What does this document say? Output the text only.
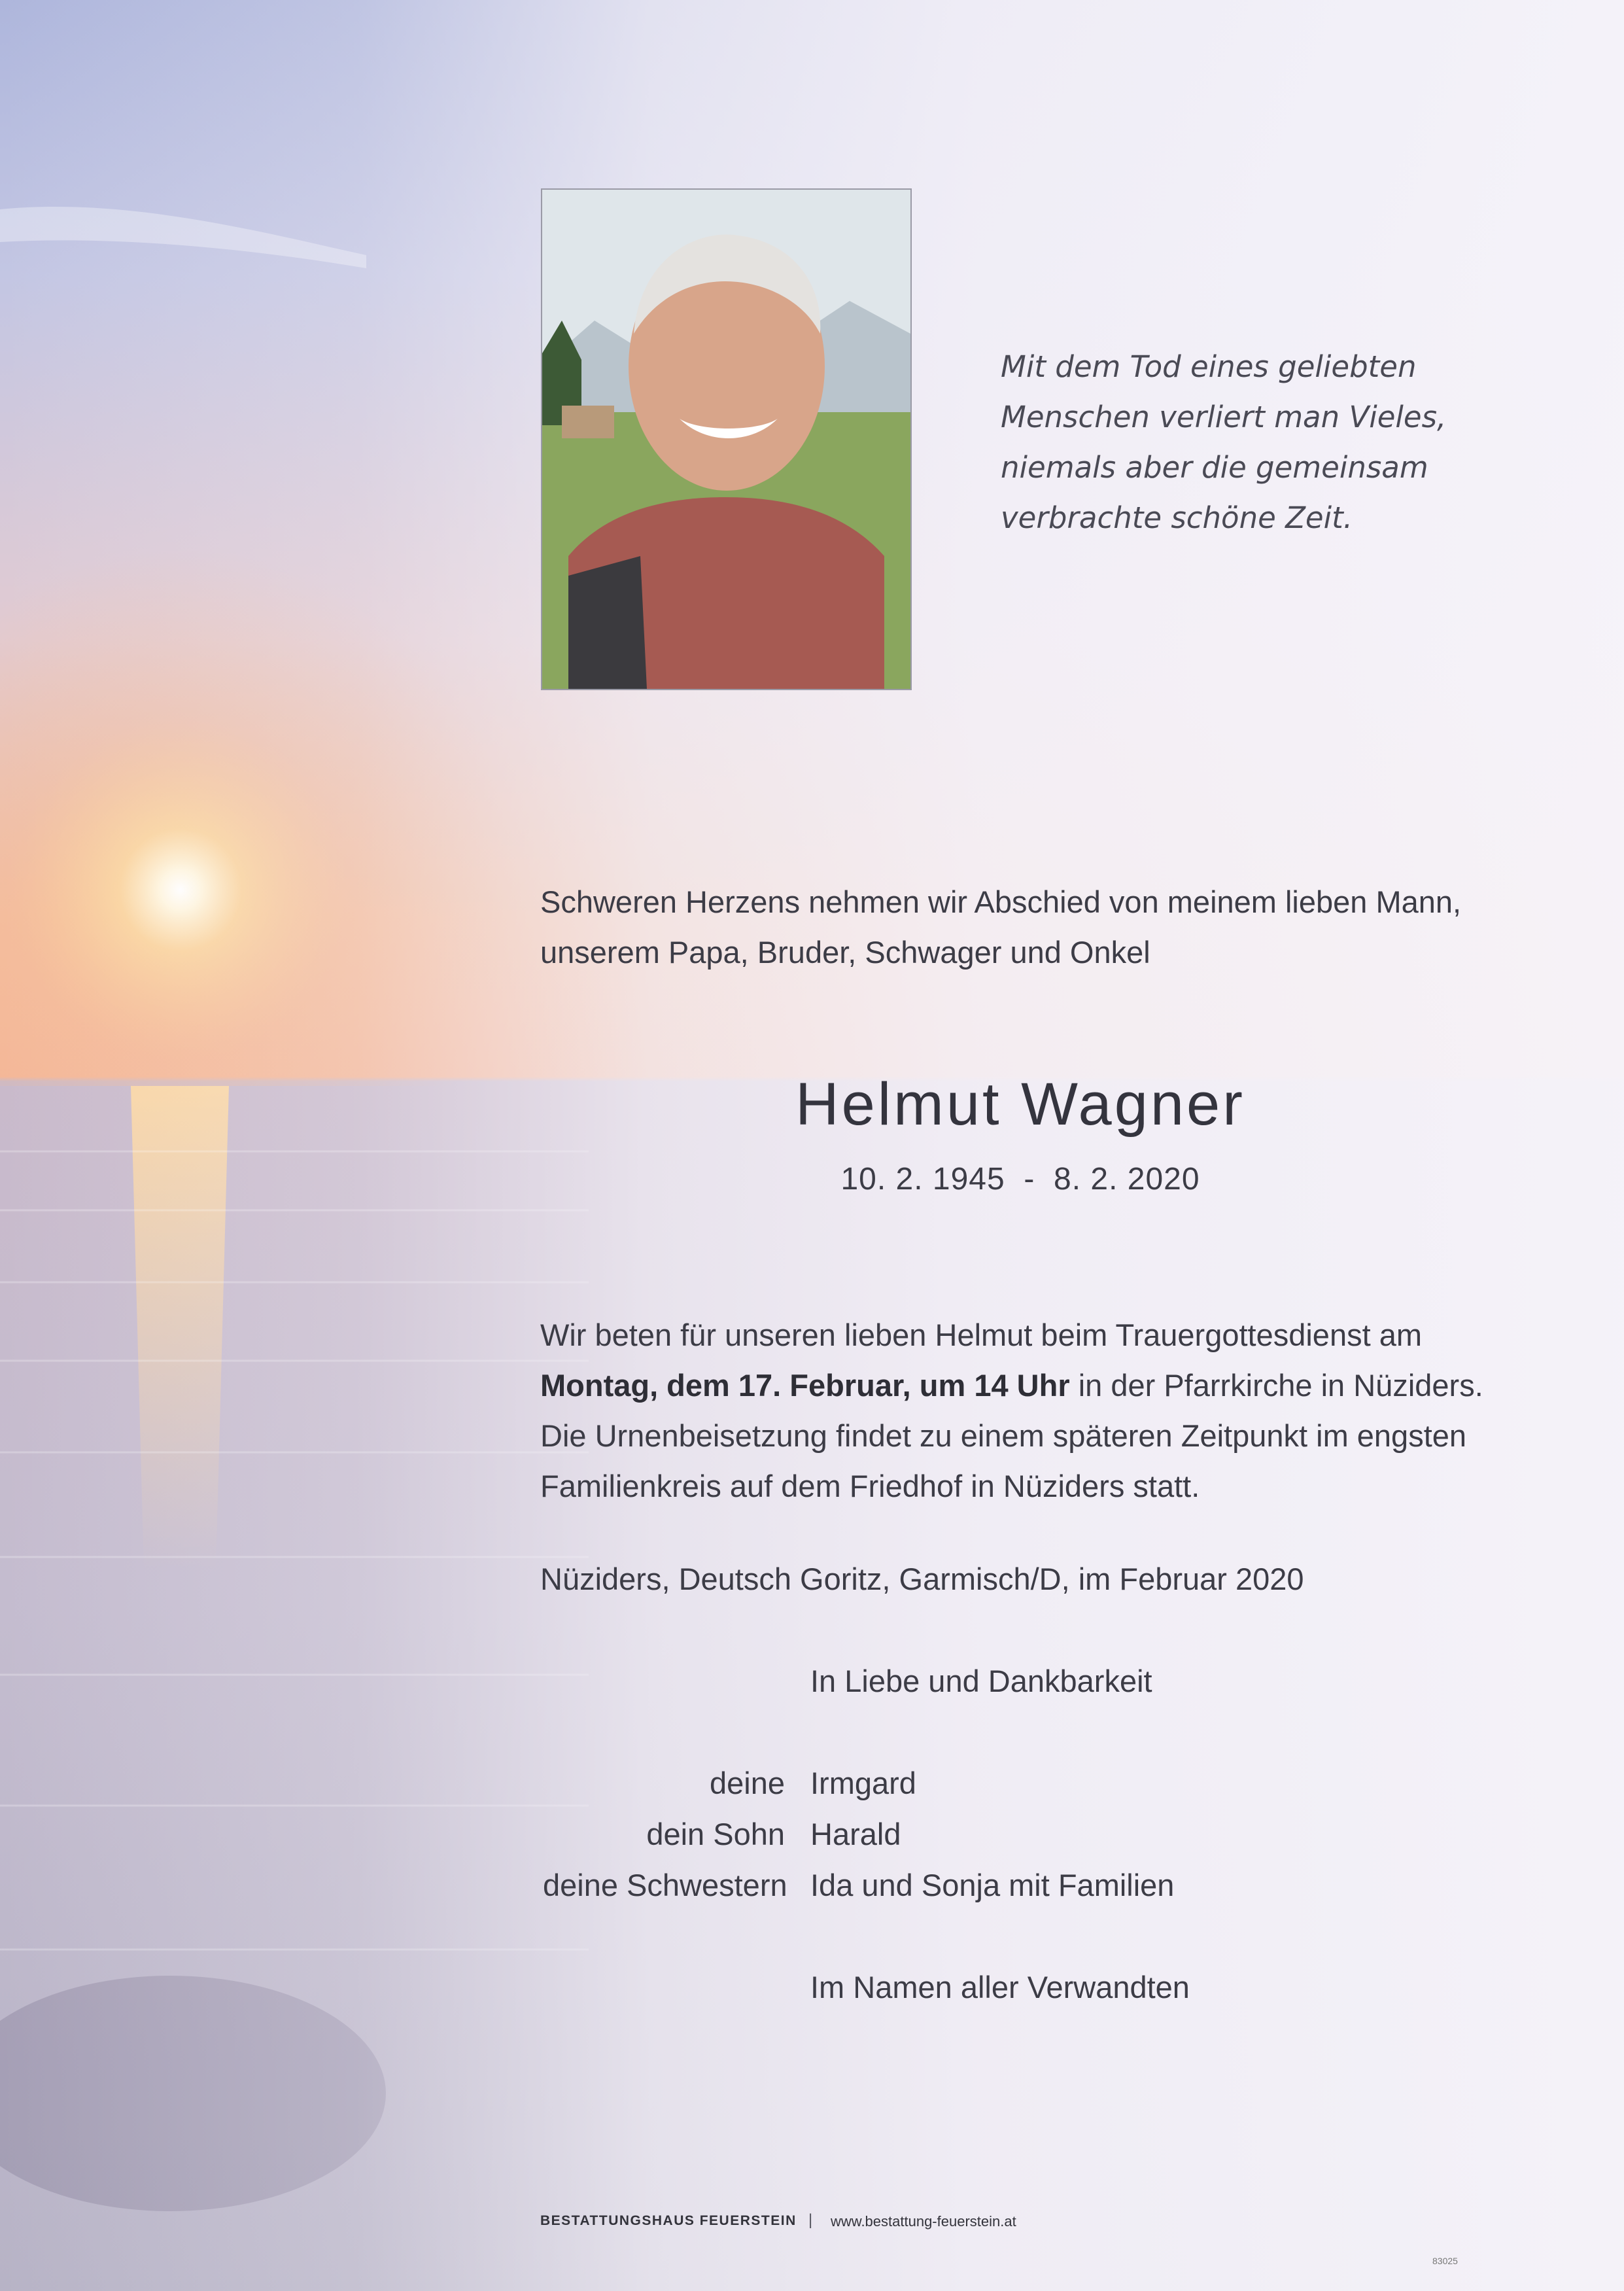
Mit dem Tod eines geliebten
Menschen verliert man Vieles,
niemals aber die gemeinsam
verbrachte schöne Zeit.
Schweren Herzens nehmen wir Abschied von meinem lieben Mann,
unserem Papa, Bruder, Schwager und Onkel
Helmut Wagner
10. 2. 1945  -  8. 2. 2020
Wir beten für unseren lieben Helmut beim Trauergottesdienst am
Montag, dem 17. Februar, um 14 Uhr in der Pfarrkirche in Nüziders.
Die Urnenbeisetzung findet zu einem späteren Zeitpunkt im engsten
Familienkreis auf dem Friedhof in Nüziders statt.
Nüziders, Deutsch Goritz, Garmisch/D, im Februar 2020
In Liebe und Dankbarkeit
deine Irmgard
dein Sohn Harald
deine Schwestern Ida und Sonja mit Familien
Im Namen aller Verwandten
BESTATTUNGSHAUS FEUERSTEIN | www.bestattung-feuerstein.at
83025
